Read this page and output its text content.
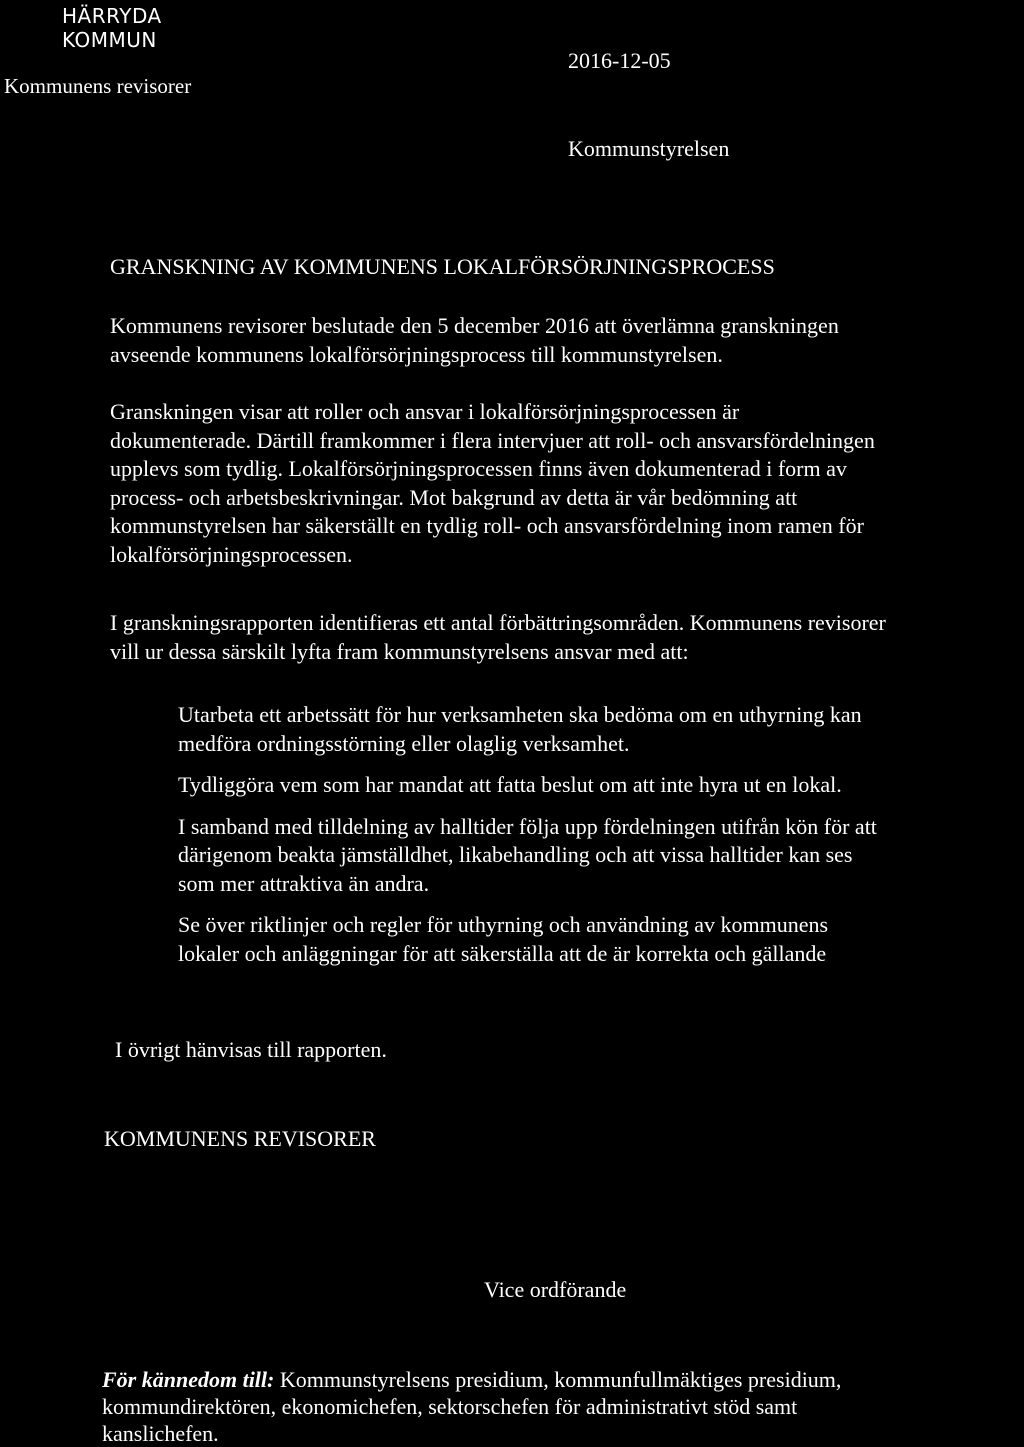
HÄRRYDA
KOMMUN
Kommunens revisorer
2016-12-05
Kommunstyrelsen
GRANSKNING AV KOMMUNENS LOKALFÖRSÖRJNINGSPROCESS
Kommunens revisorer beslutade den 5 december 2016 att överlämna granskningen
avseende kommunens lokalförsörjningsprocess till kommunstyrelsen.
Granskningen visar att roller och ansvar i lokalförsörjningsprocessen är
dokumenterade. Därtill framkommer i flera intervjuer att roll- och ansvarsfördelningen
upplevs som tydlig. Lokalförsörjningsprocessen finns även dokumenterad i form av
process- och arbetsbeskrivningar. Mot bakgrund av detta är vår bedömning att
kommunstyrelsen har säkerställt en tydlig roll- och ansvarsfördelning inom ramen för
lokalförsörjningsprocessen.
I granskningsrapporten identifieras ett antal förbättringsområden. Kommunens revisorer
vill ur dessa särskilt lyfta fram kommunstyrelsens ansvar med att:
Utarbeta ett arbetssätt för hur verksamheten ska bedöma om en uthyrning kan
medföra ordningsstörning eller olaglig verksamhet.
Tydliggöra vem som har mandat att fatta beslut om att inte hyra ut en lokal.
I samband med tilldelning av halltider följa upp fördelningen utifrån kön för att
därigenom beakta jämställdhet, likabehandling och att vissa halltider kan ses
som mer attraktiva än andra.
Se över riktlinjer och regler för uthyrning och användning av kommunens
lokaler och anläggningar för att säkerställa att de är korrekta och gällande
I övrigt hänvisas till rapporten.
KOMMUNENS REVISORER
Vice ordförande
För kännedom till: Kommunstyrelsens presidium, kommunfullmäktiges presidium,
kommundirektören, ekonomichefen, sektorschefen för administrativt stöd samt
kanslichefen.
